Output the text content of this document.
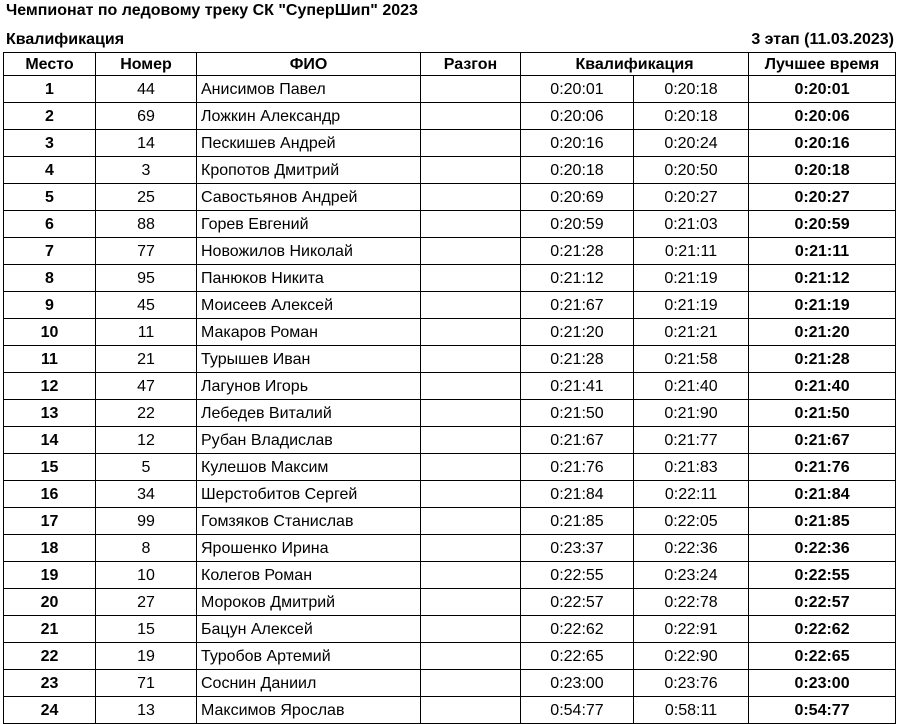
Чемпионат по ледовому треку СК "СуперШип" 2023
Квалификация	3 этап (11.03.2023)
Место	Номер	ФИО	Разгон	Квалификация		Лучшее время
1	44	Анисимов Павел		0:20:01	0:20:18	0:20:01
2	69	Ложкин Александр		0:20:06	0:20:18	0:20:06
3	14	Пескишев Андрей		0:20:16	0:20:24	0:20:16
4	3	Кропотов Дмитрий		0:20:18	0:20:50	0:20:18
5	25	Савостьянов Андрей		0:20:69	0:20:27	0:20:27
6	88	Горев Евгений		0:20:59	0:21:03	0:20:59
7	77	Новожилов Николай		0:21:28	0:21:11	0:21:11
8	95	Панюков Никита		0:21:12	0:21:19	0:21:12
9	45	Моисеев Алексей		0:21:67	0:21:19	0:21:19
10	11	Макаров Роман		0:21:20	0:21:21	0:21:20
11	21	Турышев Иван		0:21:28	0:21:58	0:21:28
12	47	Лагунов Игорь		0:21:41	0:21:40	0:21:40
13	22	Лебедев Виталий		0:21:50	0:21:90	0:21:50
14	12	Рубан Владислав		0:21:67	0:21:77	0:21:67
15	5	Кулешов Максим		0:21:76	0:21:83	0:21:76
16	34	Шерстобитов Сергей		0:21:84	0:22:11	0:21:84
17	99	Гомзяков Станислав		0:21:85	0:22:05	0:21:85
18	8	Ярошенко Ирина		0:23:37	0:22:36	0:22:36
19	10	Колегов Роман		0:22:55	0:23:24	0:22:55
20	27	Мороков Дмитрий		0:22:57	0:22:78	0:22:57
21	15	Бацун Алексей		0:22:62	0:22:91	0:22:62
22	19	Туробов Артемий		0:22:65	0:22:90	0:22:65
23	71	Соснин Даниил		0:23:00	0:23:76	0:23:00
24	13	Максимов Ярослав		0:54:77	0:58:11	0:54:77
